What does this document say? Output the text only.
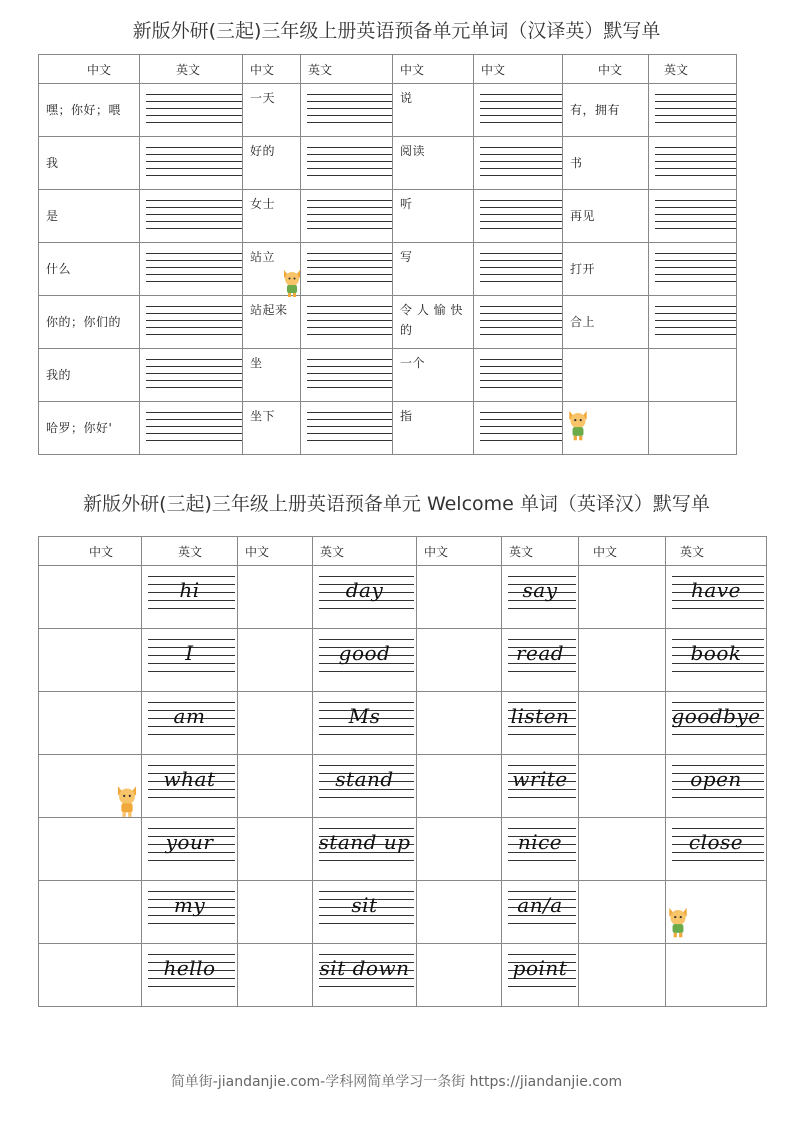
新版外研(三起)三年级上册英语预备单元单词（汉译英）默写单
中文	英文	中文	英文	中文	中文	中文	英文

嘿；你好；喂		一天		说		有，拥有	

我		好的		阅读		书	

是		女士		听		再见	

什么		站立		写		打开	

你的；你们的		站起来		令 人 愉 快 的		合上	

我的		坐		一个			

哈罗；你好'		坐下		指			

新版外研(三起)三年级上册英语预备单元 Welcome 单词（英译汉）默写单
中文	英文	中文	英文	中文	英文	中文	英文

	hi		day		say		have

	I		good		read		book

	am		Ms		listen		goodbye

	what		stand		write		open

	your		stand up		nice		close

	my		sit		an/a		

	hello		sit down		point		

简单街-jiandanjie.com-学科网简单学习一条街 https://jiandanjie.com
